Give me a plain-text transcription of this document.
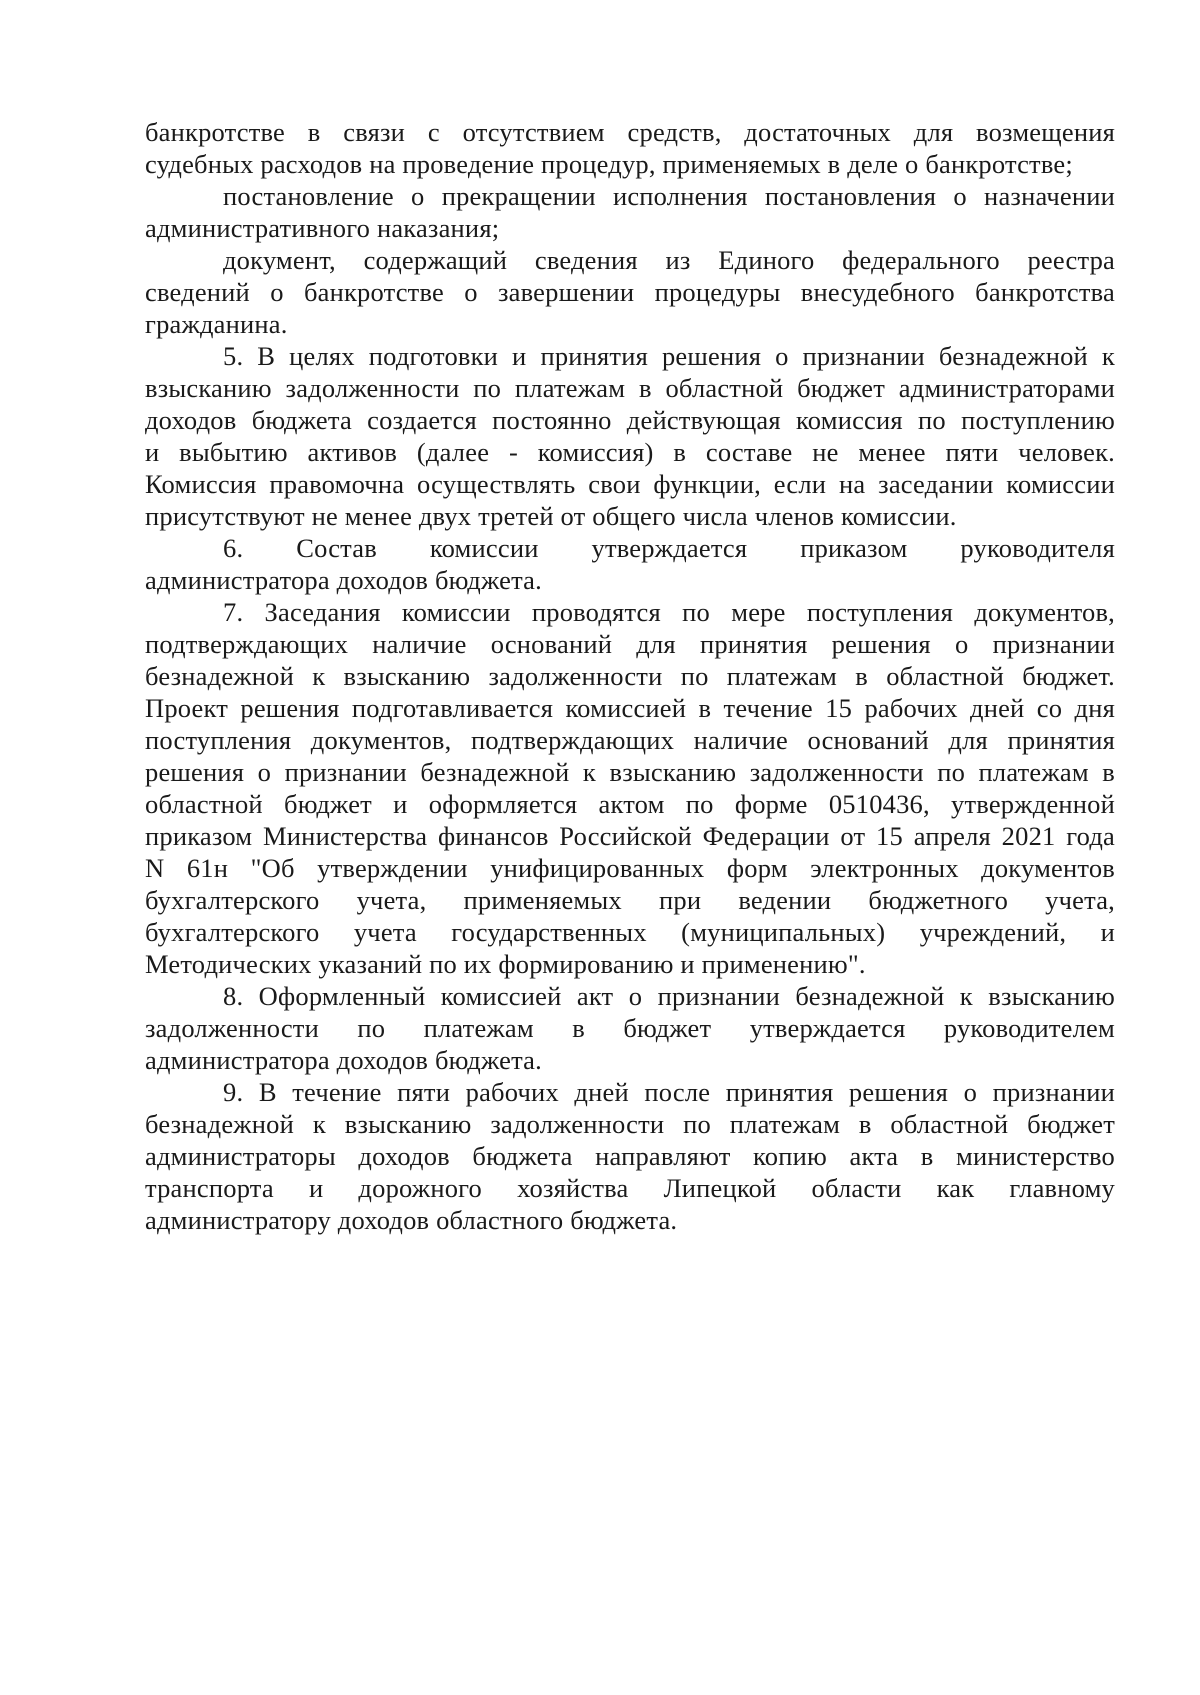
банкротстве в связи с отсутствием средств, достаточных для возмещения
судебных расходов на проведение процедур, применяемых в деле о банкротстве;
постановление о прекращении исполнения постановления о назначении
административного наказания;
документ, содержащий сведения из Единого федерального реестра
сведений о банкротстве о завершении процедуры внесудебного банкротства
гражданина.
5. В целях подготовки и принятия решения о признании безнадежной к
взысканию задолженности по платежам в областной бюджет администраторами
доходов бюджета создается постоянно действующая комиссия по поступлению
и выбытию активов (далее - комиссия) в составе не менее пяти человек.
Комиссия правомочна осуществлять свои функции, если на заседании комиссии
присутствуют не менее двух третей от общего числа членов комиссии.
6. Состав комиссии утверждается приказом руководителя
администратора доходов бюджета.
7. Заседания комиссии проводятся по мере поступления документов,
подтверждающих наличие оснований для принятия решения о признании
безнадежной к взысканию задолженности по платежам в областной бюджет.
Проект решения подготавливается комиссией в течение 15 рабочих дней со дня
поступления документов, подтверждающих наличие оснований для принятия
решения о признании безнадежной к взысканию задолженности по платежам в
областной бюджет и оформляется актом по форме 0510436, утвержденной
приказом Министерства финансов Российской Федерации от 15 апреля 2021 года
N 61н "Об утверждении унифицированных форм электронных документов
бухгалтерского учета, применяемых при ведении бюджетного учета,
бухгалтерского учета государственных (муниципальных) учреждений, и
Методических указаний по их формированию и применению".
8. Оформленный комиссией акт о признании безнадежной к взысканию
задолженности по платежам в бюджет утверждается руководителем
администратора доходов бюджета.
9. В течение пяти рабочих дней после принятия решения о признании
безнадежной к взысканию задолженности по платежам в областной бюджет
администраторы доходов бюджета направляют копию акта в министерство
транспорта и дорожного хозяйства Липецкой области как главному
администратору доходов областного бюджета.
